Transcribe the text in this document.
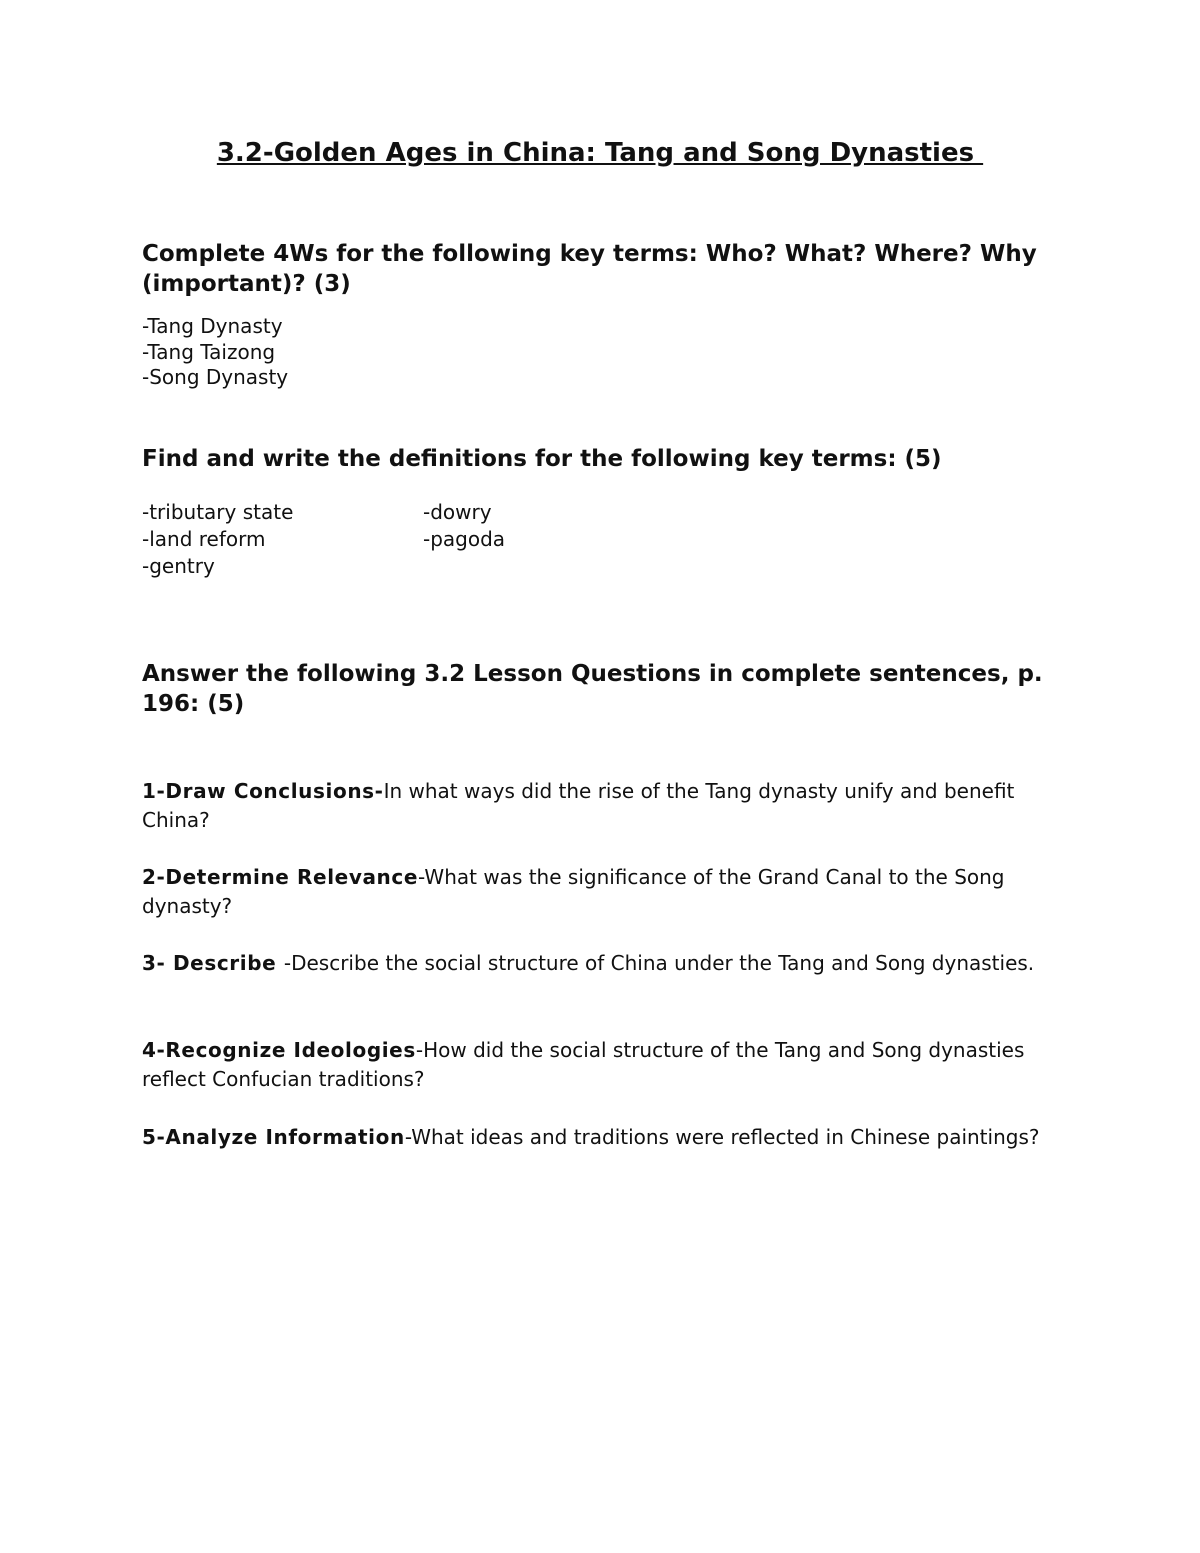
3.2-Golden Ages in China: Tang and Song Dynasties

Complete 4Ws for the following key terms: Who? What? Where? Why (important)? (3)

-Tang Dynasty
-Tang Taizong
-Song Dynasty

Find and write the definitions for the following key terms: (5)

-tributary state
-land reform
-gentry
-dowry
-pagoda

Answer the following 3.2 Lesson Questions in complete sentences, p. 196: (5)

1-Draw Conclusions-In what ways did the rise of the Tang dynasty unify and benefit China?

2-Determine Relevance-What was the significance of the Grand Canal to the Song dynasty?

3- Describe -Describe the social structure of China under the Tang and Song dynasties.

4-Recognize Ideologies-How did the social structure of the Tang and Song dynasties reflect Confucian traditions?

5-Analyze Information-What ideas and traditions were reflected in Chinese paintings?
